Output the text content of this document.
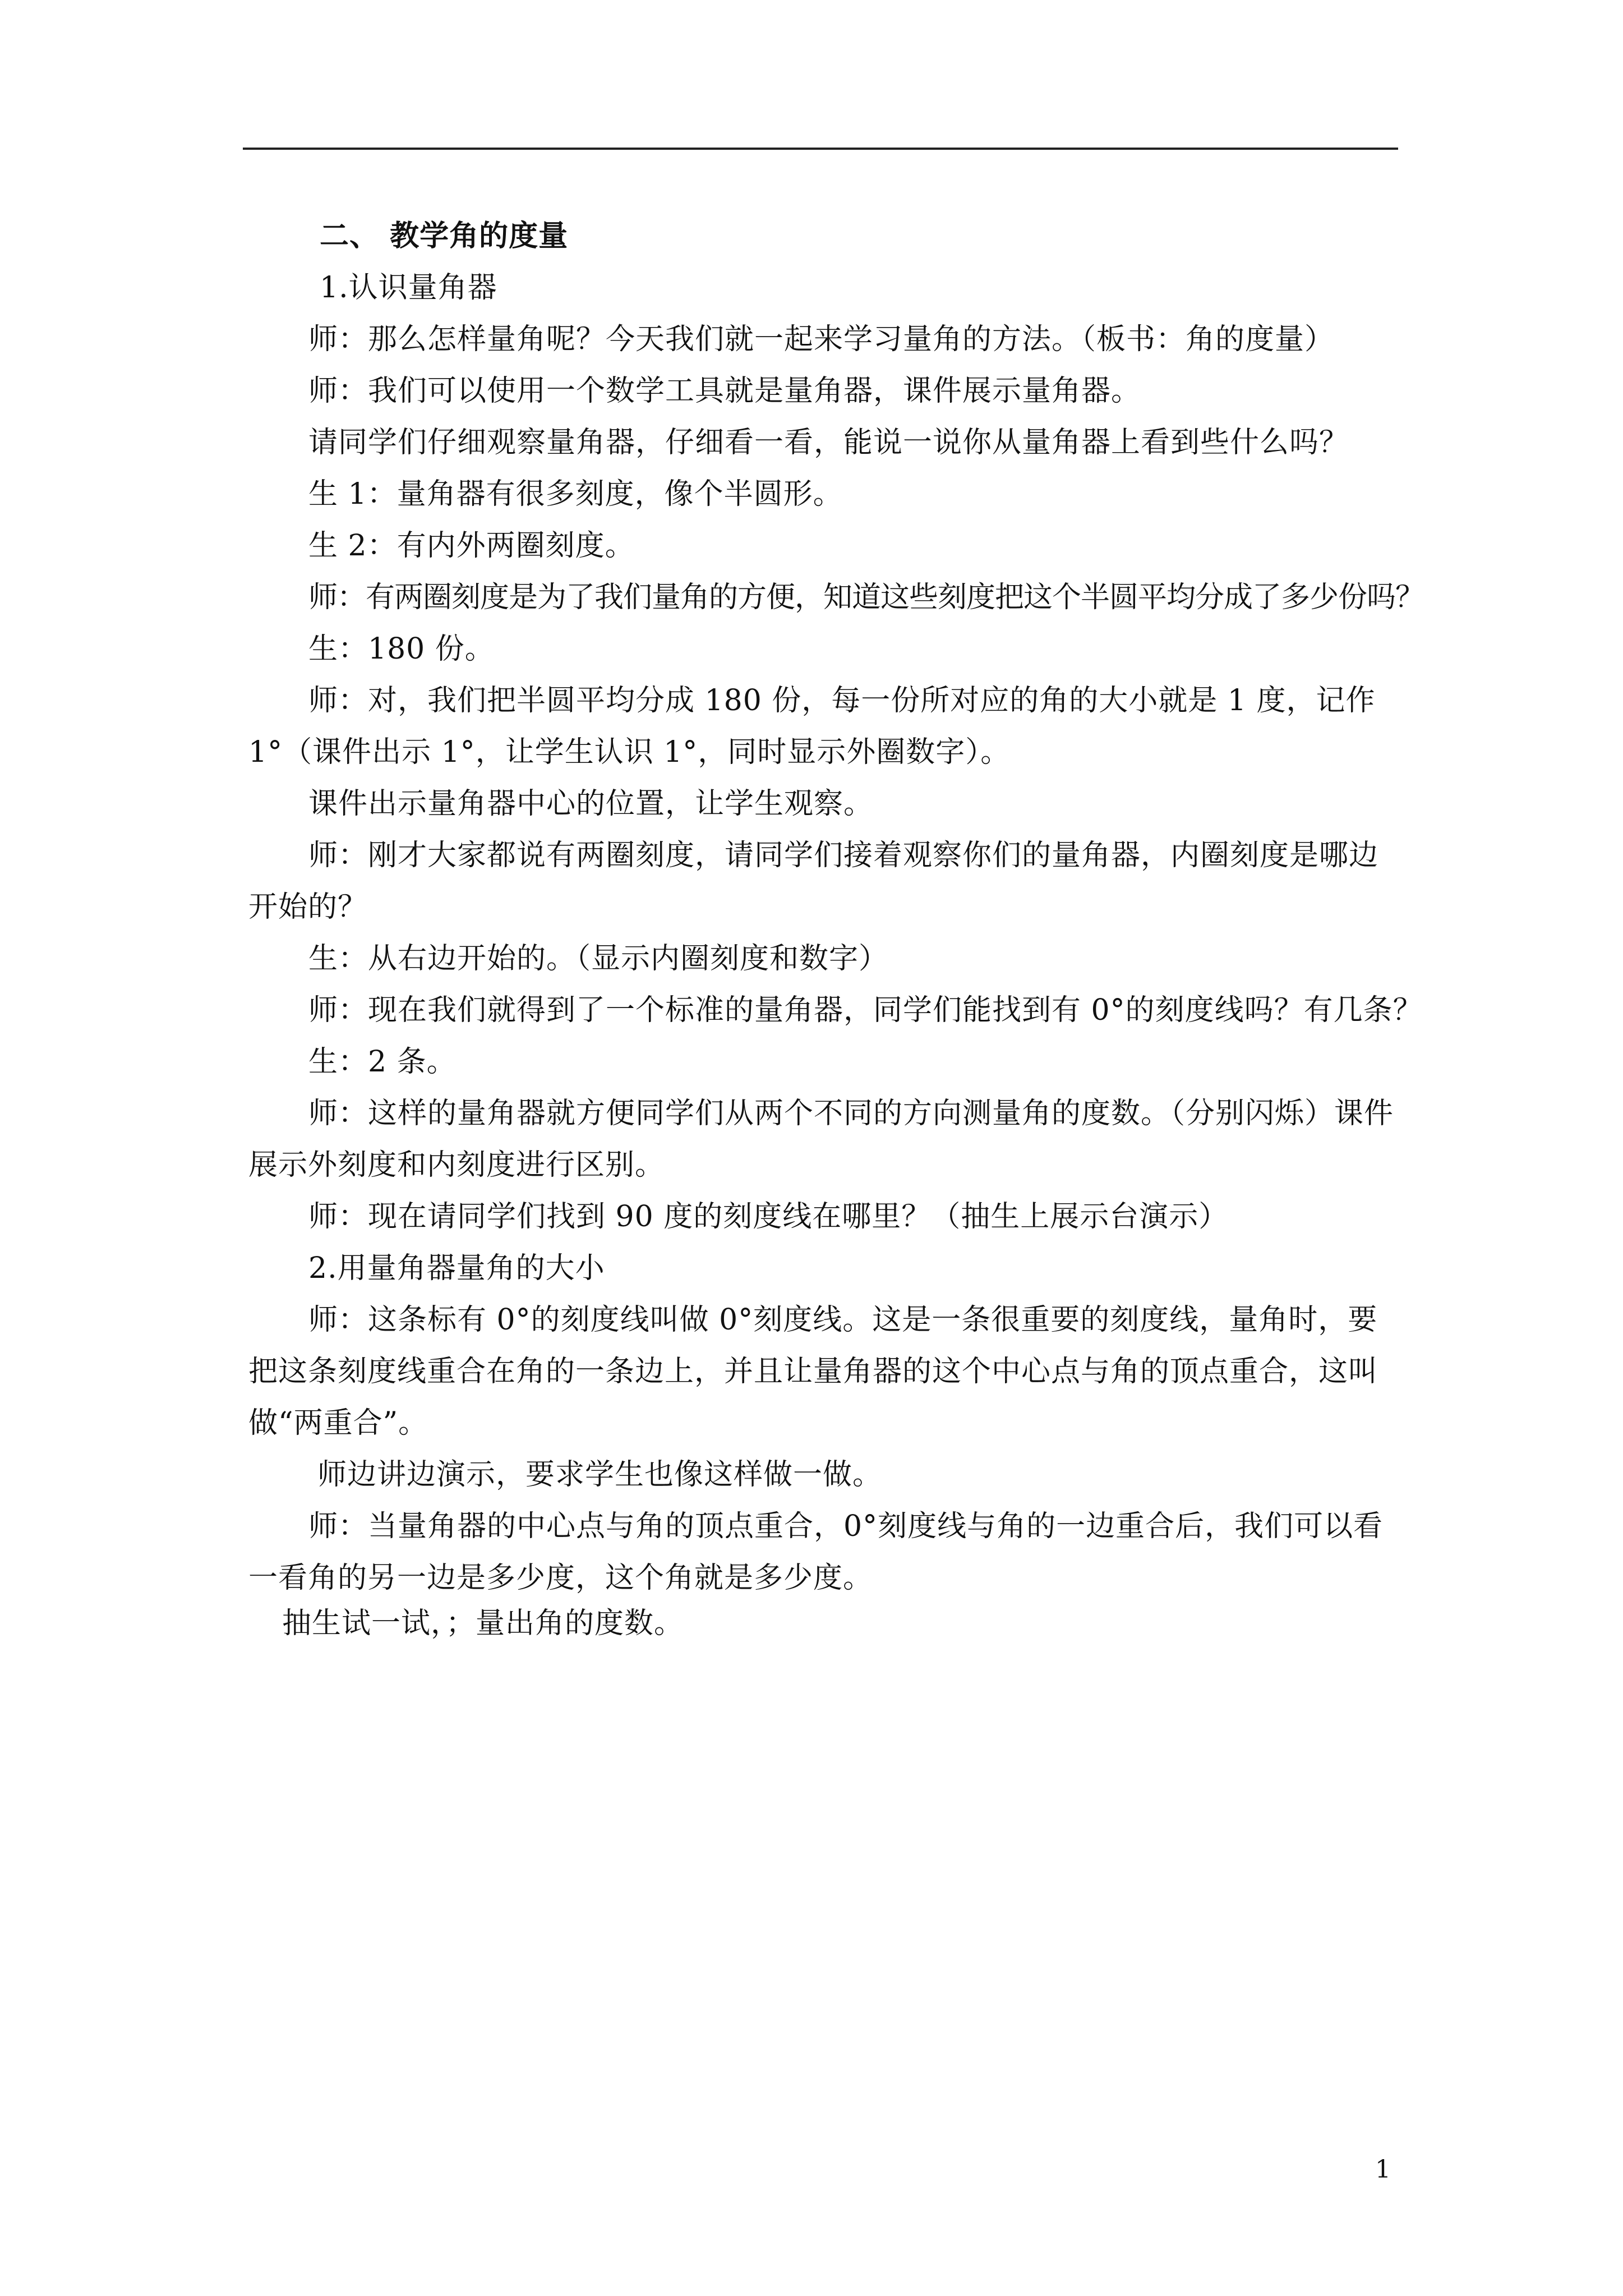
二、 教学角的度量
1.认识量角器
师：那么怎样量角呢？今天我们就一起来学习量角的方法。（板书：角的度量）
师：我们可以使用一个数学工具就是量角器，课件展示量角器。
请同学们仔细观察量角器，仔细看一看，能说一说你从量角器上看到些什么吗？
生 1：量角器有很多刻度，像个半圆形。
生 2：有内外两圈刻度。
师：有两圈刻度是为了我们量角的方便，知道这些刻度把这个半圆平均分成了多少份吗？
生：180 份。
师：对，我们把半圆平均分成 180 份，每一份所对应的角的大小就是 1 度，记作 1°（课件出示 1°，让学生认识 1°，同时显示外圈数字）。
课件出示量角器中心的位置，让学生观察。
师：刚才大家都说有两圈刻度，请同学们接着观察你们的量角器，内圈刻度是哪边开始的？
生：从右边开始的。（显示内圈刻度和数字）
师：现在我们就得到了一个标准的量角器，同学们能找到有 0°的刻度线吗？有几条？
生：2 条。
师：这样的量角器就方便同学们从两个不同的方向测量角的度数。（分别闪烁）课件展示外刻度和内刻度进行区别。
师：现在请同学们找到 90 度的刻度线在哪里？（抽生上展示台演示）
2.用量角器量角的大小
师：这条标有 0°的刻度线叫做 0°刻度线。这是一条很重要的刻度线，量角时，要把这条刻度线重合在角的一条边上，并且让量角器的这个中心点与角的顶点重合，这叫做“两重合”。
师边讲边演示，要求学生也像这样做一做。
师：当量角器的中心点与角的顶点重合，0°刻度线与角的一边重合后，我们可以看一看角的另一边是多少度，这个角就是多少度。
抽生试一试，；量出角的度数。
1
